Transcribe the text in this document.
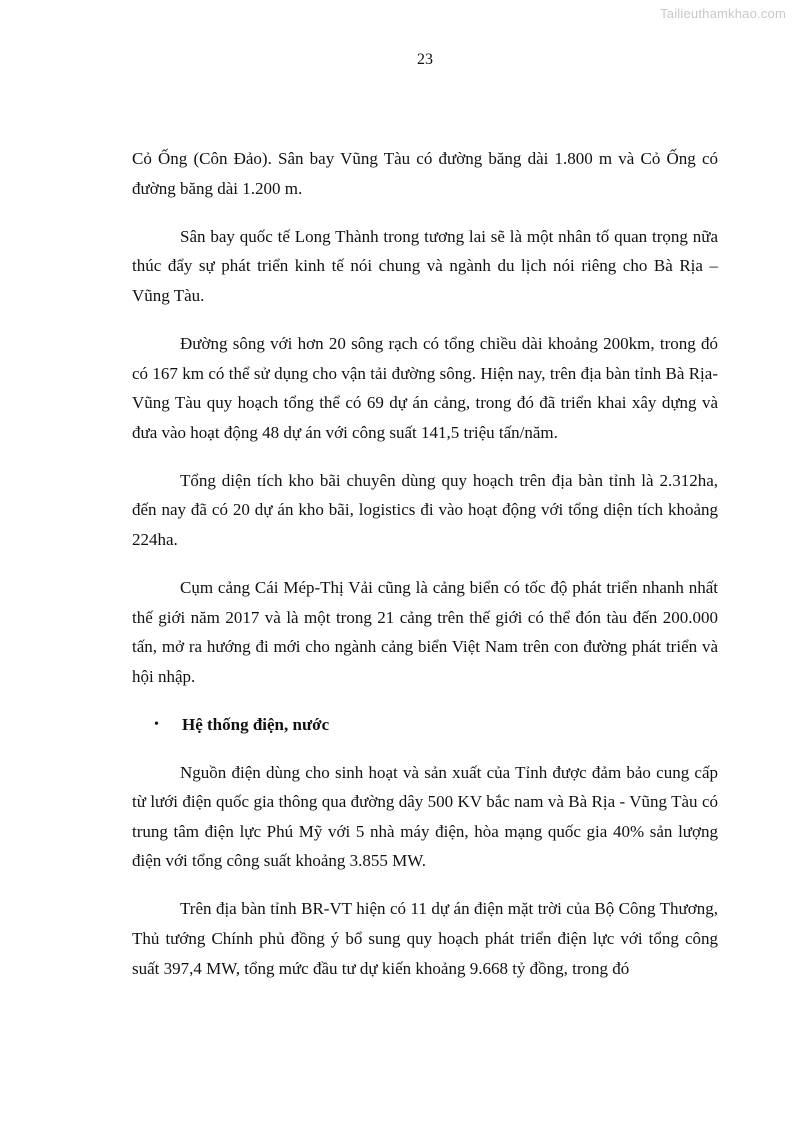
Tailieuthamkhao.com
23

Cỏ Ống (Côn Đảo). Sân bay Vũng Tàu có đường băng dài 1.800 m và Cỏ Ống có đường băng dài 1.200 m.

Sân bay quốc tế Long Thành trong tương lai sẽ là một nhân tố quan trọng nữa thúc đẩy sự phát triển kinh tế nói chung và ngành du lịch nói riêng cho Bà Rịa – Vũng Tàu.

Đường sông với hơn 20 sông rạch có tổng chiều dài khoảng 200km, trong đó có 167 km có thể sử dụng cho vận tải đường sông. Hiện nay, trên địa bàn tỉnh Bà Rịa-Vũng Tàu quy hoạch tổng thể có 69 dự án cảng, trong đó đã triển khai xây dựng và đưa vào hoạt động 48 dự án với công suất 141,5 triệu tấn/năm.

Tổng diện tích kho bãi chuyên dùng quy hoạch trên địa bàn tỉnh là 2.312ha, đến nay đã có 20 dự án kho bãi, logistics đi vào hoạt động với tổng diện tích khoảng 224ha.

Cụm cảng Cái Mép-Thị Vải cũng là cảng biển có tốc độ phát triển nhanh nhất thế giới năm 2017 và là một trong 21 cảng trên thế giới có thể đón tàu đến 200.000 tấn, mở ra hướng đi mới cho ngành cảng biển Việt Nam trên con đường phát triển và hội nhập.

•	Hệ thống điện, nước

Nguồn điện dùng cho sinh hoạt và sản xuất của Tỉnh được đảm bảo cung cấp từ lưới điện quốc gia thông qua đường dây 500 KV bắc nam và Bà Rịa - Vũng Tàu có trung tâm điện lực Phú Mỹ với 5 nhà máy điện, hòa mạng quốc gia 40% sản lượng điện với tổng công suất khoảng 3.855 MW.

Trên địa bàn tỉnh BR-VT hiện có 11 dự án điện mặt trời của Bộ Công Thương, Thủ tướng Chính phủ đồng ý bổ sung quy hoạch phát triển điện lực với tổng công suất 397,4 MW, tổng mức đầu tư dự kiến khoảng 9.668 tỷ đồng, trong đó
